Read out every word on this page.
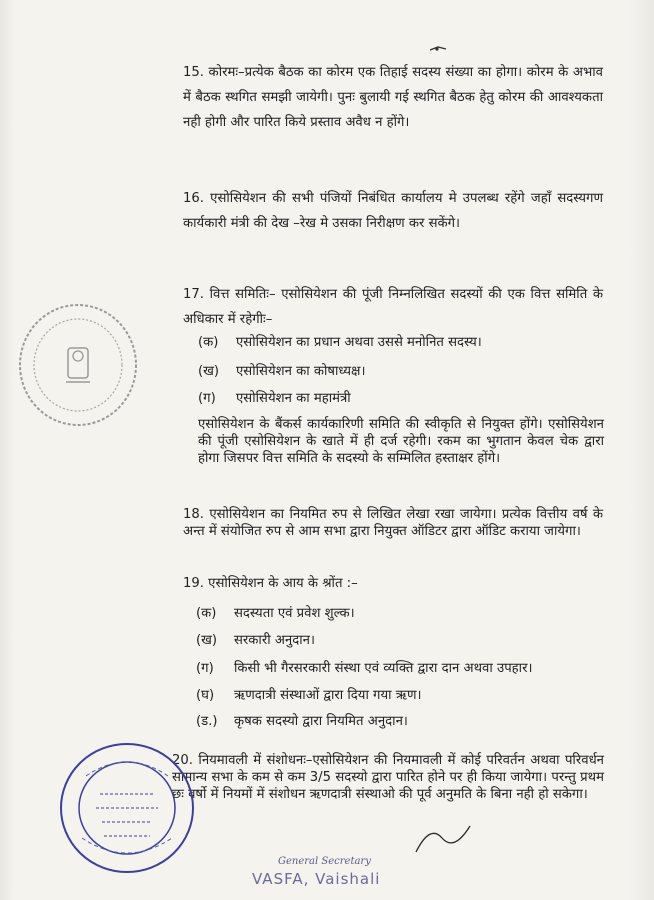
15. कोरमः–प्रत्येक बैठक का कोरम एक तिहाई सदस्य संख्या का होगा। कोरम के अभाव में बैठक स्थगित समझी जायेगी। पुनः बुलायी गई स्थगित बैठक हेतु कोरम की आवश्यकता नही होगी और पारित किये प्रस्ताव अवैध न होंगे।

16. एसोसियेशन की सभी पंजियों निबंधित कार्यालय मे उपलब्ध रहेंगे जहाँ सदस्यगण कार्यकारी मंत्री की देख –रेख मे उसका निरीक्षण कर सकेंगे।

17. वित्त समितिः– एसोसियेशन की पूंजी निम्नलिखित सदस्यों की एक वित्त समिति के अधिकार में रहेगीः–

(क) एसोसियेशन का प्रधान अथवा उससे मनोनित सदस्य।
(ख) एसोसियेशन का कोषाध्यक्ष।
(ग) एसोसियेशन का महामंत्री

एसोसियेशन के बैंकर्स कार्यकारिणी समिति की स्वीकृति से नियुक्त होंगे। एसोसियेशन की पूंजी एसोसियेशन के खाते में ही दर्ज रहेगी। रकम का भुगतान केवल चेक द्वारा होगा जिसपर वित्त समिति के सदस्यो के सम्मिलित हस्ताक्षर होंगे।

18. एसोसियेशन का नियमित रुप से लिखित लेखा रखा जायेगा। प्रत्येक वित्तीय वर्ष के अन्त में संयोजित रुप से आम सभा द्वारा नियुक्त ऑडिटर द्वारा ऑडिट कराया जायेगा।

19. एसोसियेशन के आय के श्रोंत :–

(क) सदस्यता एवं प्रवेश शुल्क।
(ख) सरकारी अनुदान।
(ग) किसी भी गैरसरकारी संस्था एवं व्यक्ति द्वारा दान अथवा उपहार।
(घ) ऋणदात्री संस्थाओं द्वारा दिया गया ऋण।
(ड.) कृषक सदस्यो द्वारा नियमित अनुदान।

20. नियमावली में संशोधनः–एसोसियेशन की नियमावली में कोई परिवर्तन अथवा परिवर्धन सामान्य सभा के कम से कम 3/5 सदस्यो द्वारा पारित होने पर ही किया जायेगा। परन्तु प्रथम छः वर्षो में नियमों में संशोधन ऋणदात्री संस्थाओ की पूर्व अनुमति के बिना नही हो सकेगा।

General Secretary
VASFA, Vaishali
